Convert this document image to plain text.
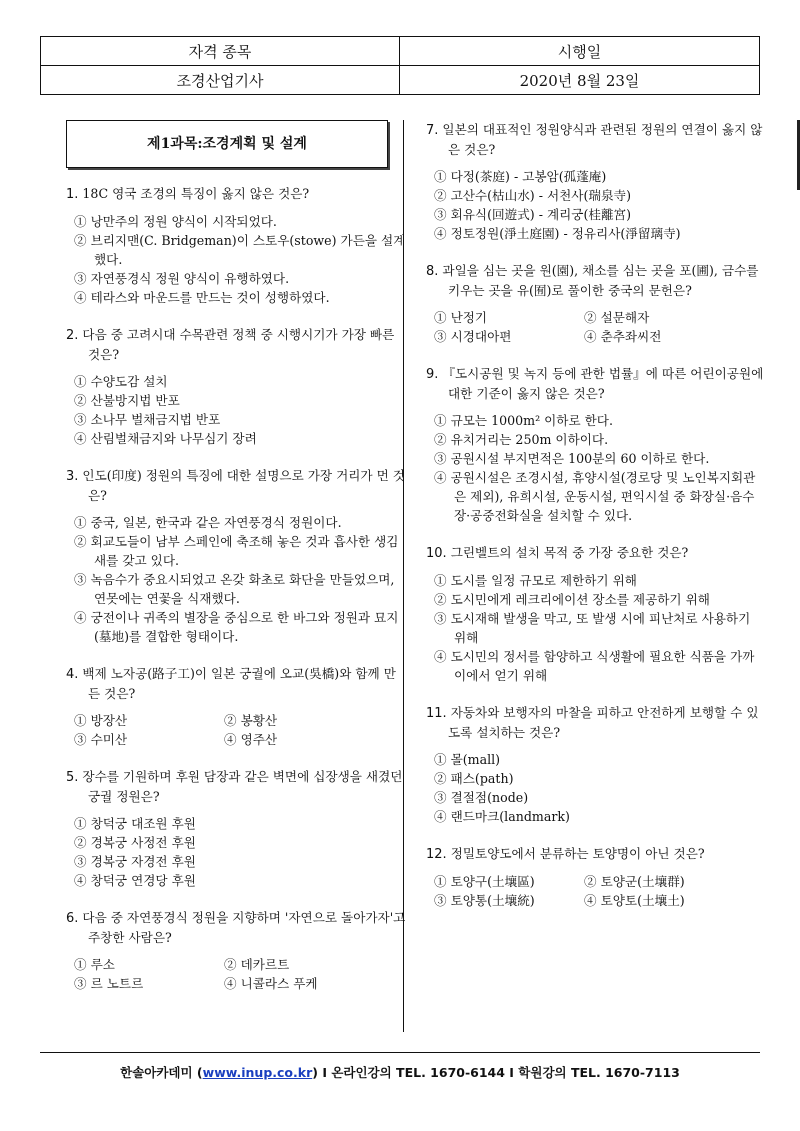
자격 종목	시행일
조경산업기사	2020년 8월 23일
제1과목:조경계획 및 설계
1. 18C 영국 조경의 특징이 옳지 않은 것은?
① 낭만주의 정원 양식이 시작되었다.
② 브리지맨(C. Bridgeman)이 스토우(stowe) 가든을 설계했다.
③ 자연풍경식 정원 양식이 유행하였다.
④ 테라스와 마운드를 만드는 것이 성행하였다.
2. 다음 중 고려시대 수목관련 정책 중 시행시기가 가장 빠른 것은?
① 수양도감 설치
② 산불방지법 반포
③ 소나무 벌채금지법 반포
④ 산림벌채금지와 나무심기 장려
3. 인도(印度) 정원의 특징에 대한 설명으로 가장 거리가 먼 것은?
① 중국, 일본, 한국과 같은 자연풍경식 정원이다.
② 회교도들이 남부 스페인에 축조해 놓은 것과 흡사한 생김새를 갖고 있다.
③ 녹음수가 중요시되었고 온갖 화초로 화단을 만들었으며, 연못에는 연꽃을 식재했다.
④ 궁전이나 귀족의 별장을 중심으로 한 바그와 정원과 묘지(墓地)를 결합한 형태이다.
4. 백제 노자공(路子工)이 일본 궁궐에 오교(吳橋)와 함께 만든 것은?
① 방장산	② 봉황산
③ 수미산	④ 영주산
5. 장수를 기원하며 후원 담장과 같은 벽면에 십장생을 새겼던 궁궐 정원은?
① 창덕궁 대조원 후원
② 경복궁 사정전 후원
③ 경복궁 자경전 후원
④ 창덕궁 연경당 후원
6. 다음 중 자연풍경식 정원을 지향하며 '자연으로 돌아가자'고 주창한 사람은?
① 루소	② 데카르트
③ 르 노트르	④ 니콜라스 푸케
7. 일본의 대표적인 정원양식과 관련된 정원의 연결이 옳지 않은 것은?
① 다정(茶庭) - 고봉암(孤蓬庵)
② 고산수(枯山水) - 서천사(瑞泉寺)
③ 회유식(回遊式) - 계리궁(桂離宮)
④ 정토정원(淨土庭園) - 정유리사(淨留璃寺)
8. 과일을 심는 곳을 원(園), 채소를 심는 곳을 포(圃), 금수를 키우는 곳을 유(囿)로 풀이한 중국의 문헌은?
① 난정기	② 설문해자
③ 시경대아편	④ 춘추좌씨전
9. 『도시공원 및 녹지 등에 관한 법률』에 따른 어린이공원에 대한 기준이 옳지 않은 것은?
① 규모는 1000m² 이하로 한다.
② 유치거리는 250m 이하이다.
③ 공원시설 부지면적은 100분의 60 이하로 한다.
④ 공원시설은 조경시설, 휴양시설(경로당 및 노인복지회관은 제외), 유희시설, 운동시설, 편익시설 중 화장실·음수장·공중전화실을 설치할 수 있다.
10. 그린벨트의 설치 목적 중 가장 중요한 것은?
① 도시를 일정 규모로 제한하기 위해
② 도시민에게 레크리에이션 장소를 제공하기 위해
③ 도시재해 발생을 막고, 또 발생 시에 피난처로 사용하기 위해
④ 도시민의 정서를 함양하고 식생활에 필요한 식품을 가까이에서 얻기 위해
11. 자동차와 보행자의 마찰을 피하고 안전하게 보행할 수 있도록 설치하는 것은?
① 몰(mall)
② 패스(path)
③ 결절점(node)
④ 랜드마크(landmark)
12. 정밀토양도에서 분류하는 토양명이 아닌 것은?
① 토양구(土壤區)	② 토양군(土壤群)
③ 토양통(土壤統)	④ 토양토(土壤土)
한솔아카데미 (www.inup.co.kr) I 온라인강의 TEL. 1670-6144 I 학원강의 TEL. 1670-7113
